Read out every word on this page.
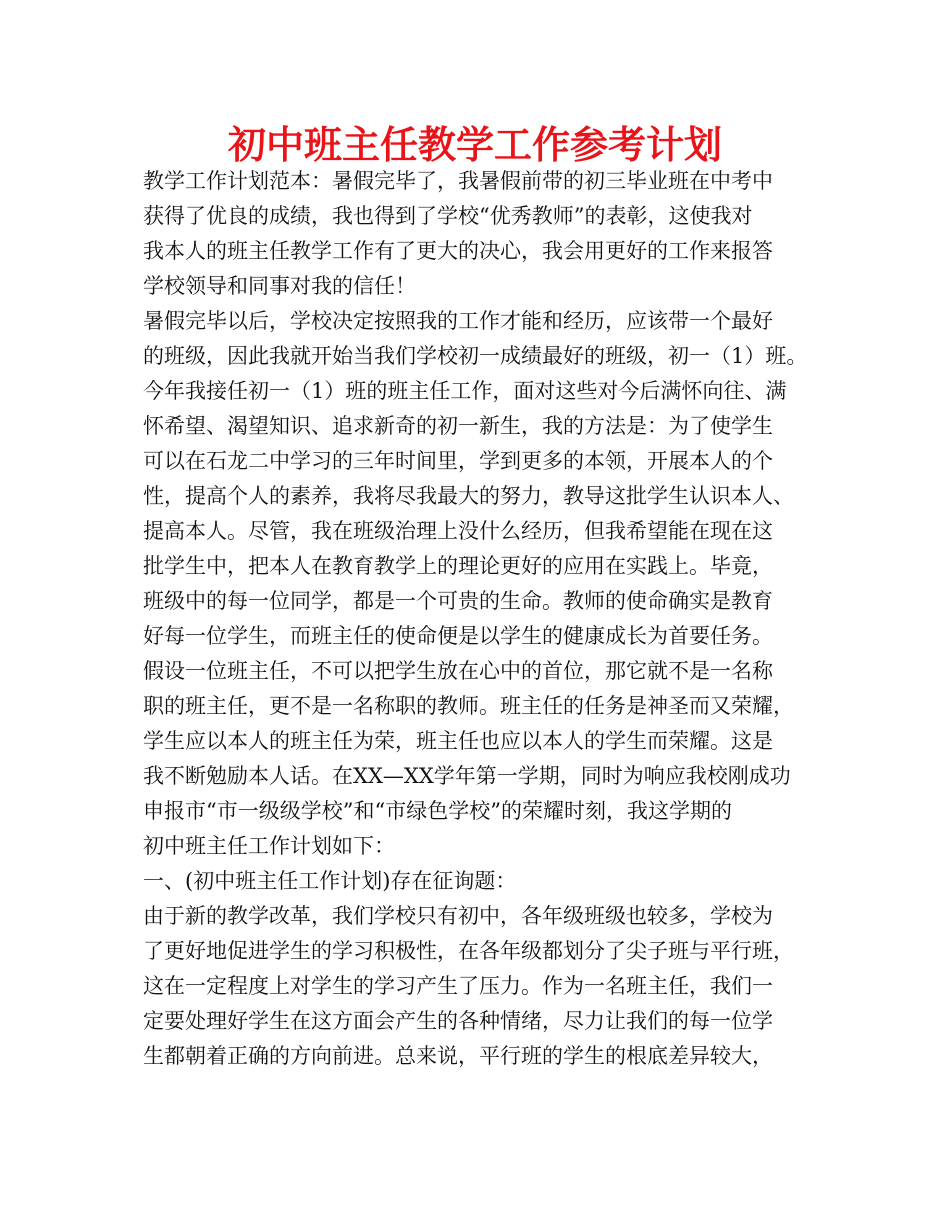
初中班主任教学工作参考计划
教学工作计划范本：暑假完毕了，我暑假前带的初三毕业班在中考中
获得了优良的成绩，我也得到了学校“优秀教师”的表彰，这使我对
我本人的班主任教学工作有了更大的决心，我会用更好的工作来报答
学校领导和同事对我的信任！
暑假完毕以后，学校决定按照我的工作才能和经历，应该带一个最好
的班级，因此我就开始当我们学校初一成绩最好的班级，初一（1）班。
今年我接任初一（1）班的班主任工作，面对这些对今后满怀向往、满
怀希望、渴望知识、追求新奇的初一新生，我的方法是：为了使学生
可以在石龙二中学习的三年时间里，学到更多的本领，开展本人的个
性，提高个人的素养，我将尽我最大的努力，教导这批学生认识本人、
提高本人。尽管，我在班级治理上没什么经历，但我希望能在现在这
批学生中，把本人在教育教学上的理论更好的应用在实践上。毕竟，
班级中的每一位同学，都是一个可贵的生命。教师的使命确实是教育
好每一位学生，而班主任的使命便是以学生的健康成长为首要任务。
假设一位班主任，不可以把学生放在心中的首位，那它就不是一名称
职的班主任，更不是一名称职的教师。班主任的任务是神圣而又荣耀，
学生应以本人的班主任为荣，班主任也应以本人的学生而荣耀。这是
我不断勉励本人话。在XX—XX学年第一学期，同时为响应我校刚成功
申报市“市一级级学校”和“市绿色学校”的荣耀时刻，我这学期的
初中班主任工作计划如下：
一、(初中班主任工作计划)存在征询题：
由于新的教学改革，我们学校只有初中，各年级班级也较多，学校为
了更好地促进学生的学习积极性，在各年级都划分了尖子班与平行班，
这在一定程度上对学生的学习产生了压力。作为一名班主任，我们一
定要处理好学生在这方面会产生的各种情绪，尽力让我们的每一位学
生都朝着正确的方向前进。总来说，平行班的学生的根底差异较大，
